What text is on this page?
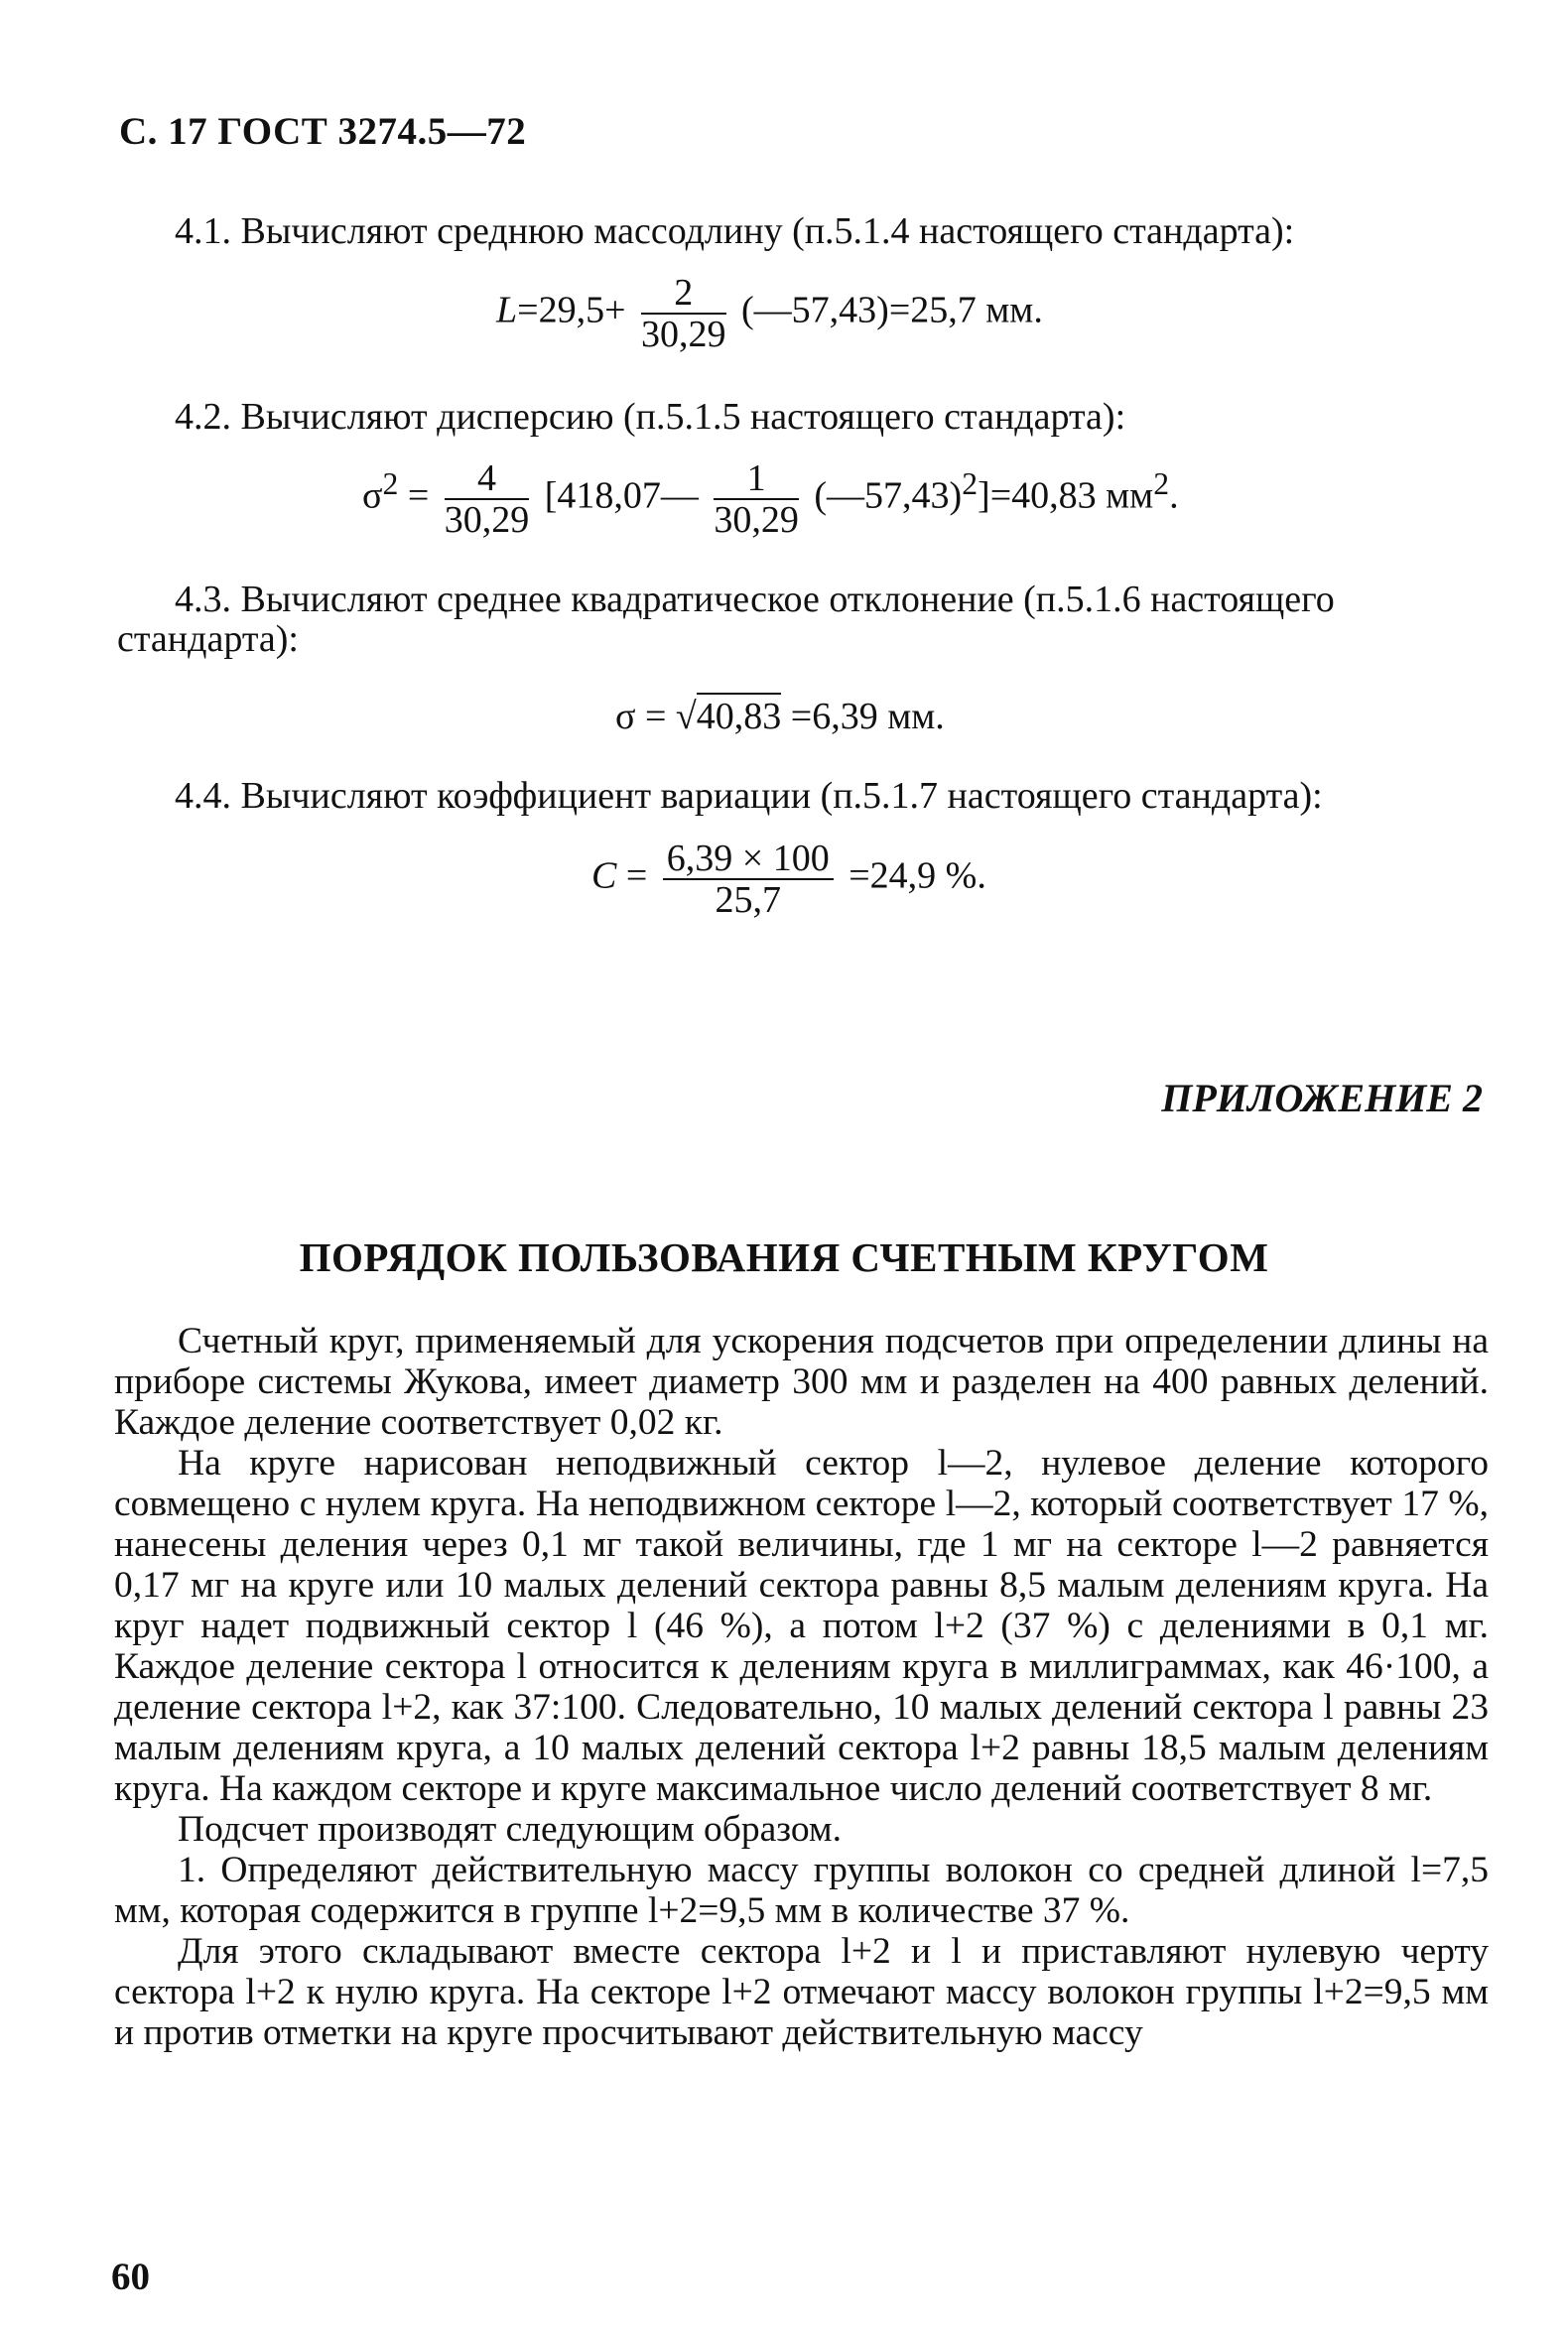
С. 17 ГОСТ 3274.5—72
4.1. Вычисляют среднюю массодлину (п.5.1.4 настоящего стандарта):
$L=29,5+ \frac{2}{30,29}$ (—57,43)=25,7 мм.
4.2. Вычисляют дисперсию (п.5.1.5 настоящего стандарта):
$\sigma^2 = \frac{4}{30,29}$ [418,07— $\frac{1}{30,29}$ (—57,43)$^2$]=40,83 $мм^2$.
4.3. Вычисляют среднее квадратическое отклонение (п.5.1.6 настоящего
стандарта):
σ = √40,83 =6,39 мм.
4.4. Вычисляют коэффициент вариации (п.5.1.7 настоящего стандарта):
$C = \frac{6,39 \times 100}{25,7} =24,9$ %.
ПРИЛОЖЕНИЕ 2
ПОРЯДОК ПОЛЬЗОВАНИЯ СЧЕТНЫМ КРУГОМ

Счетный круг, применяемый для ускорения подсчетов при определении длины на приборе системы Жукова, имеет диаметр 300 мм и разделен на 400 равных делений. Каждое деление соответствует 0,02 кг.

На круге нарисован неподвижный сектор l—2, нулевое деление которого совмещено с нулем круга. На неподвижном секторе l—2, который соответствует 17 %, нанесены деления через 0,1 мг такой величины, где 1 мг на секторе l—2 равняется 0,17 мг на круге или 10 малых делений сектора равны 8,5 малым делениям круга. На круг надет подвижный сектор l (46 %), а потом l+2 (37 %) с делениями в 0,1 мг. Каждое деление сектора l относится к делениям круга в миллиграммах, как 46·100, а деление сектора l+2, как 37:100. Следовательно, 10 малых делений сектора l равны 23 малым делениям круга, а 10 малых делений сектора l+2 равны 18,5 малым делениям круга. На каждом секторе и круге максимальное число делений соответствует 8 мг.

Подсчет производят следующим образом.

1. Определяют действительную массу группы волокон со средней длиной l=7,5 мм, которая содержится в группе l+2=9,5 мм в количестве 37 %.

Для этого складывают вместе сектора l+2 и l и приставляют нулевую черту сектора l+2 к нулю круга. На секторе l+2 отмечают массу волокон группы l+2=9,5 мм и против отметки на круге просчитывают действительную массу

60
